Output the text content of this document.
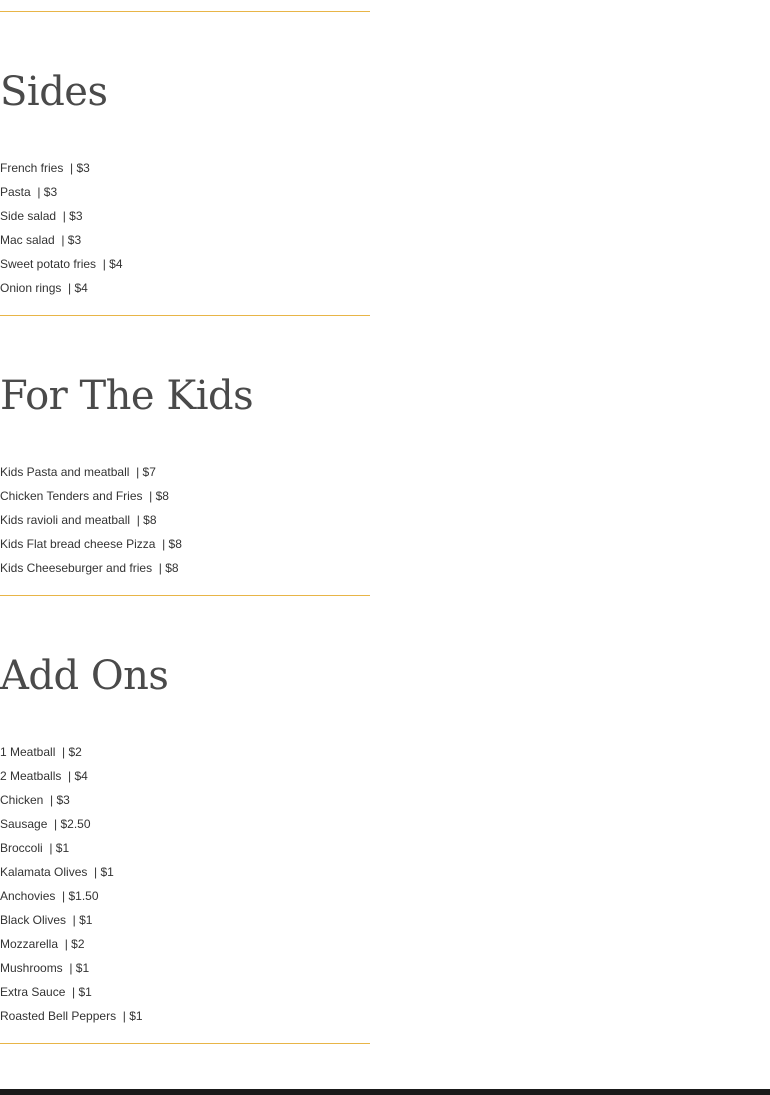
Sides
French fries  | $3
Pasta  | $3
Side salad  | $3
Mac salad  | $3
Sweet potato fries  | $4
Onion rings  | $4
For The Kids
Kids Pasta and meatball  | $7
Chicken Tenders and Fries  | $8
Kids ravioli and meatball  | $8
Kids Flat bread cheese Pizza  | $8
Kids Cheeseburger and fries  | $8
Add Ons
1 Meatball  | $2
2 Meatballs  | $4
Chicken  | $3
Sausage  | $2.50
Broccoli  | $1
Kalamata Olives  | $1
Anchovies  | $1.50
Black Olives  | $1
Mozzarella  | $2
Mushrooms  | $1
Extra Sauce  | $1
Roasted Bell Peppers  | $1
